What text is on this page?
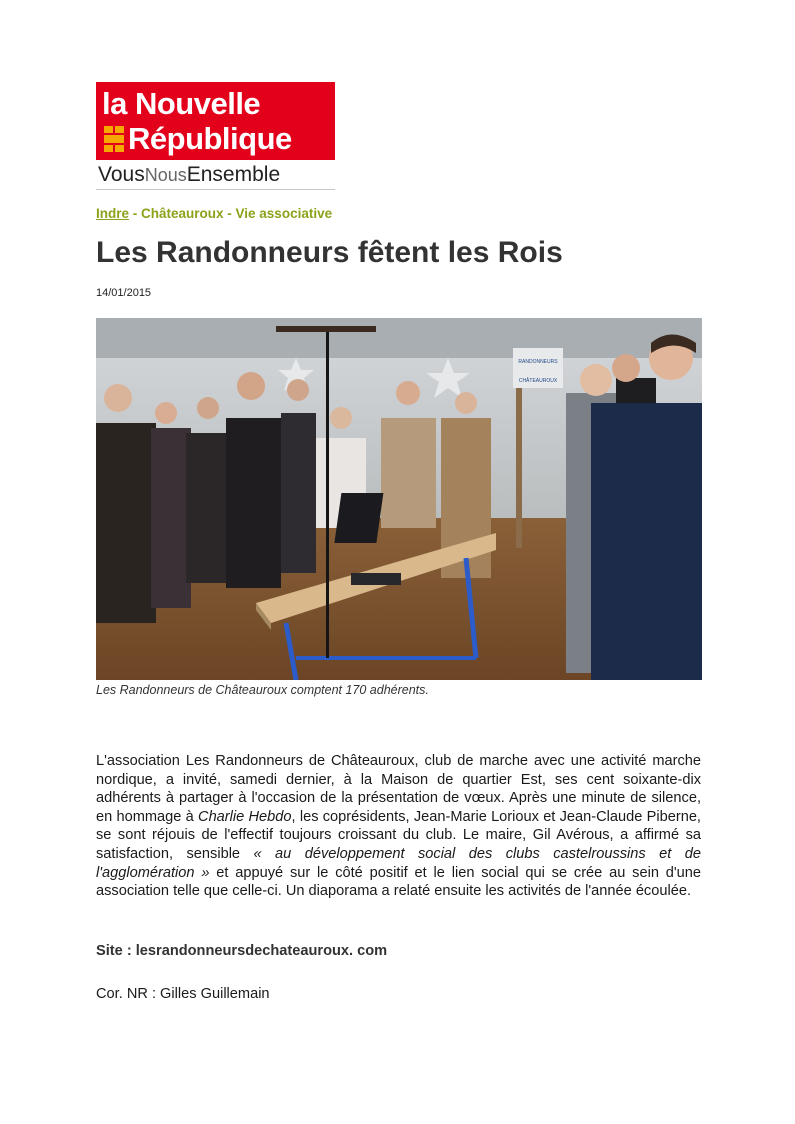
la Nouvelle
République
VousNousEnsemble
Indre - Châteauroux - Vie associative
Les Randonneurs fêtent les Rois
14/01/2015
RANDONNEURS
CHÂTEAUROUX
Les Randonneurs de Châteauroux comptent 170 adhérents.

L'association Les Randonneurs de Châteauroux, club de marche avec une activité marche nordique, a invité, samedi dernier, à la Maison de quartier Est, ses cent soixante-dix adhérents à partager à l'occasion de la présentation de vœux. Après une minute de silence, en hommage à Charlie Hebdo, les coprésidents, Jean-Marie Lorioux et Jean-Claude Piberne, se sont réjouis de l'effectif toujours croissant du club. Le maire, Gil Avérous, a affirmé sa satisfaction, sensible « au développement social des clubs castelroussins et de l'agglomération » et appuyé sur le côté positif et le lien social qui se crée au sein d'une association telle que celle-ci. Un diaporama a relaté ensuite les activités de l'année écoulée.

Site : lesrandonneursdechateauroux. com
Cor. NR : Gilles Guillemain
